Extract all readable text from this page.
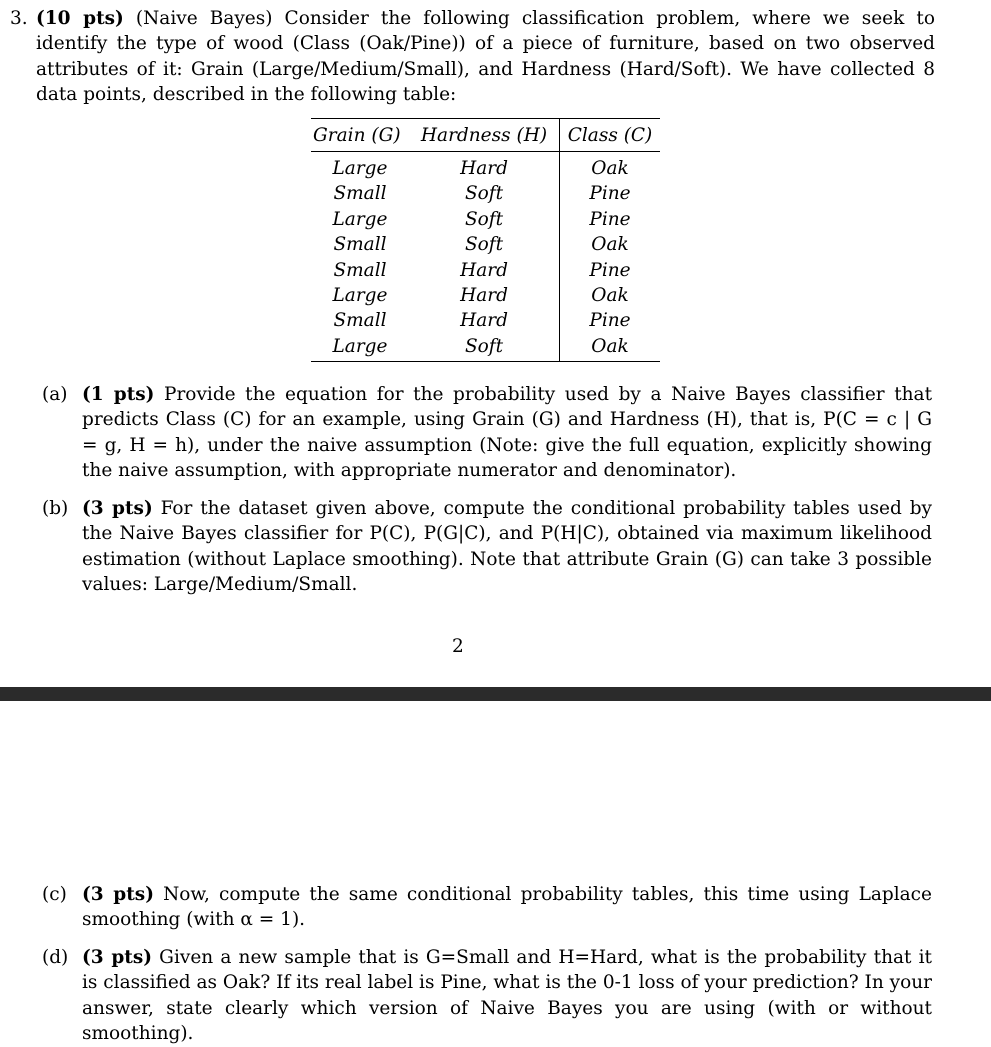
3. (10 pts) (Naive Bayes) Consider the following classification problem, where we seek to identify the type of wood (Class (Oak/Pine)) of a piece of furniture, based on two observed attributes of it: Grain (Large/Medium/Small), and Hardness (Hard/Soft). We have collected 8 data points, described in the following table:
Grain (G)	Hardness (H)	Class (C)
Large	Hard	Oak
Small	Soft	Pine
Large	Soft	Pine
Small	Soft	Oak
Small	Hard	Pine
Large	Hard	Oak
Small	Hard	Pine
Large	Soft	Oak
(a) (1 pts) Provide the equation for the probability used by a Naive Bayes classifier that predicts Class (C) for an example, using Grain (G) and Hardness (H), that is, P(C = c | G = g, H = h), under the naive assumption (Note: give the full equation, explicitly showing the naive assumption, with appropriate numerator and denominator).
(b) (3 pts) For the dataset given above, compute the conditional probability tables used by the Naive Bayes classifier for P(C), P(G|C), and P(H|C), obtained via maximum likelihood estimation (without Laplace smoothing). Note that attribute Grain (G) can take 3 possible values: Large/Medium/Small.
2
(c) (3 pts) Now, compute the same conditional probability tables, this time using Laplace smoothing (with α = 1).
(d) (3 pts) Given a new sample that is G=Small and H=Hard, what is the probability that it is classified as Oak? If its real label is Pine, what is the 0-1 loss of your prediction? In your answer, state clearly which version of Naive Bayes you are using (with or without smoothing).
